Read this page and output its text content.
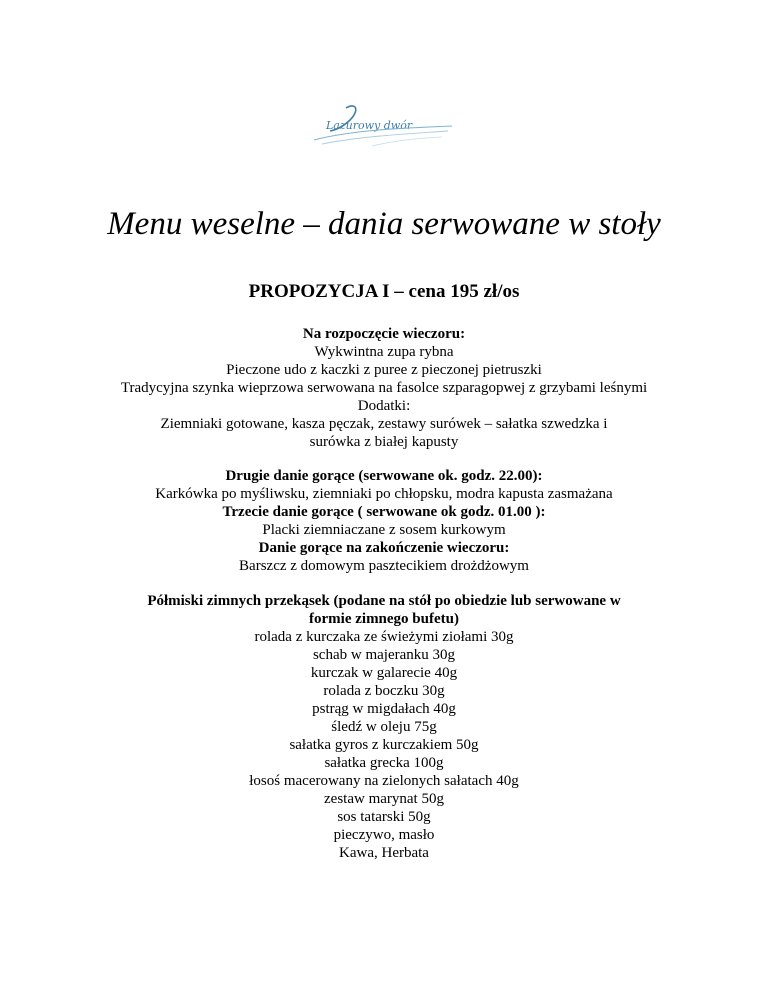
Lazurowy dwór
Menu weselne – dania serwowane w stoły
PROPOZYCJA I – cena 195 zł/os
Na rozpoczęcie wieczoru:
Wykwintna zupa rybna
Pieczone udo z kaczki z puree z pieczonej pietruszki
Tradycyjna szynka wieprzowa serwowana na fasolce szparagopwej z grzybami leśnymi
Dodatki:
Ziemniaki gotowane, kasza pęczak, zestawy surówek – sałatka szwedzka i
surówka z białej kapusty
Drugie danie gorące (serwowane ok. godz. 22.00):
Karkówka po myśliwsku, ziemniaki po chłopsku, modra kapusta zasmażana
Trzecie danie gorące ( serwowane ok godz. 01.00 ):
Placki ziemniaczane z sosem kurkowym
Danie gorące na zakończenie wieczoru:
Barszcz z domowym pasztecikiem drożdżowym
Półmiski zimnych przekąsek (podane na stół po obiedzie lub serwowane w
formie zimnego bufetu)
rolada z kurczaka ze świeżymi ziołami 30g
schab w majeranku 30g
kurczak w galarecie 40g
rolada z boczku 30g
pstrąg w migdałach 40g
śledź w oleju 75g
sałatka gyros z kurczakiem 50g
sałatka grecka 100g
łosoś macerowany na zielonych sałatach 40g
zestaw marynat 50g
sos tatarski 50g
pieczywo, masło
Kawa, Herbata
